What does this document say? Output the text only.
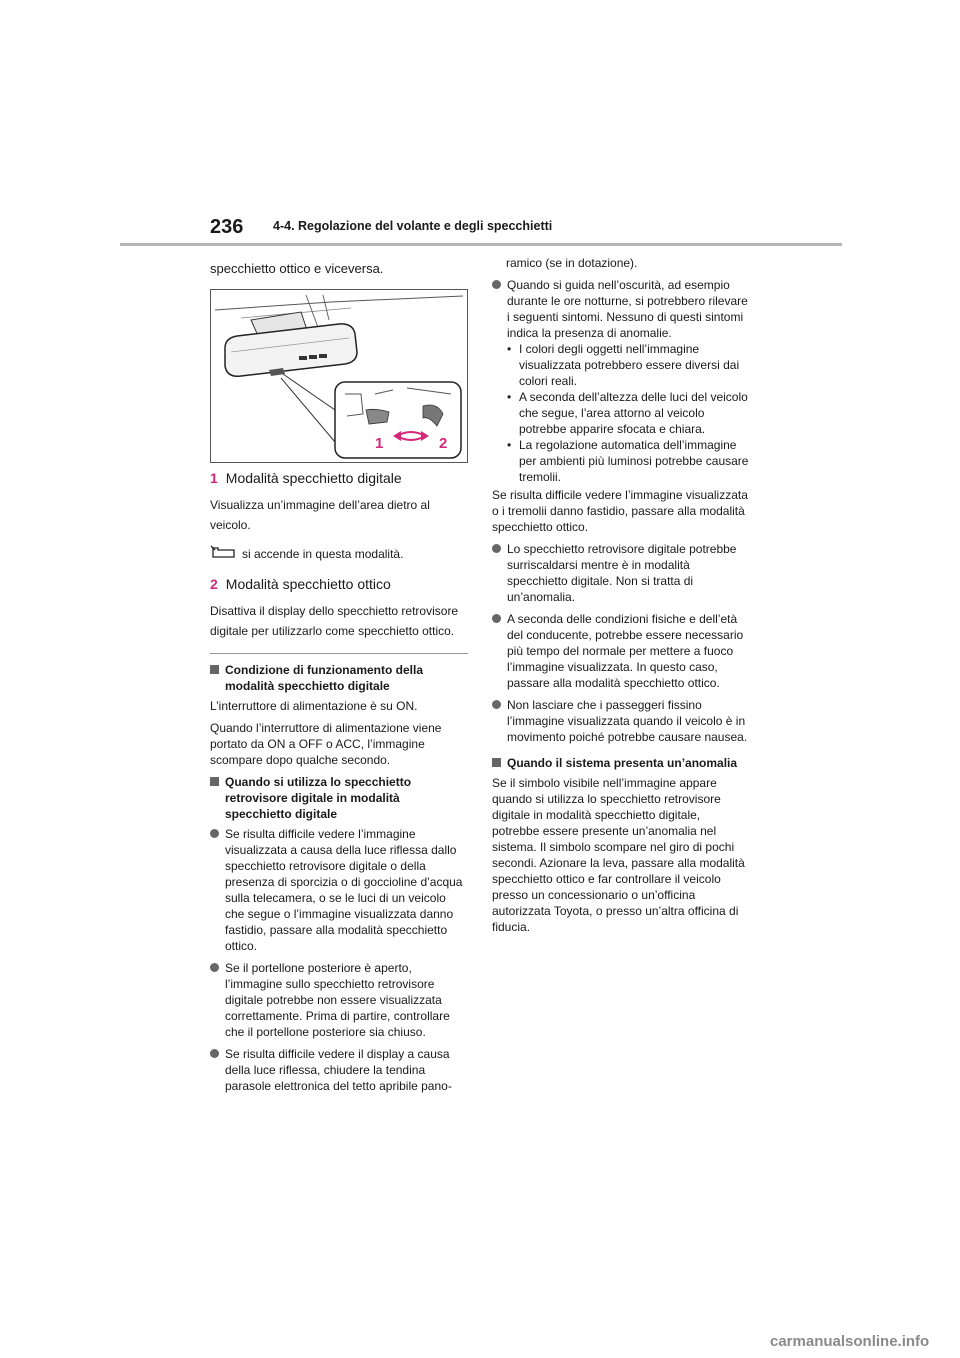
236 4-4. Regolazione del volante e degli specchietti

specchietto ottico e viceversa.

1	2
1 Modalità specchietto digitale

Visualizza un’immagine dell’area dietro al veicolo.

si accende in questa modalità.
2 Modalità specchietto ottico

Disattiva il display dello specchietto retrovisore digitale per utilizzarlo come specchietto ottico.

Condizione di funzionamento della modalità specchietto digitale

L’interruttore di alimentazione è su ON.

Quando l’interruttore di alimentazione viene portato da ON a OFF o ACC, l’immagine scompare dopo qualche secondo.

Quando si utilizza lo specchietto retrovisore digitale in modalità specchietto digitale
Se risulta difficile vedere l’immagine visualizzata a causa della luce riflessa dallo specchietto retrovisore digitale o della presenza di sporcizia o di goccioline d’acqua sulla telecamera, o se le luci di un veicolo che segue o l’immagine visualizzata danno fastidio, passare alla modalità specchietto ottico.
Se il portellone posteriore è aperto, l’immagine sullo specchietto retrovisore digitale potrebbe non essere visualizzata correttamente. Prima di partire, controllare che il portellone posteriore sia chiuso.
Se risulta difficile vedere il display a causa della luce riflessa, chiudere la tendina parasole elettronica del tetto apribile pano-

ramico (se in dotazione).

Quando si guida nell’oscurità, ad esempio durante le ore notturne, si potrebbero rilevare i seguenti sintomi. Nessuno di questi sintomi indica la presenza di anomalie.
• I colori degli oggetti nell’immagine visualizzata potrebbero essere diversi dai colori reali.
• A seconda dell’altezza delle luci del veicolo che segue, l’area attorno al veicolo potrebbe apparire sfocata e chiara.
• La regolazione automatica dell’immagine per ambienti più luminosi potrebbe causare tremolii.

Se risulta difficile vedere l’immagine visualizzata o i tremolii danno fastidio, passare alla modalità specchietto ottico.

Lo specchietto retrovisore digitale potrebbe surriscaldarsi mentre è in modalità specchietto digitale. Non si tratta di un’anomalia.
A seconda delle condizioni fisiche e dell’età del conducente, potrebbe essere necessario più tempo del normale per mettere a fuoco l’immagine visualizzata. In questo caso, passare alla modalità specchietto ottico.
Non lasciare che i passeggeri fissino l’immagine visualizzata quando il veicolo è in movimento poiché potrebbe causare nausea.
Quando il sistema presenta un’anomalia

Se il simbolo visibile nell’immagine appare quando si utilizza lo specchietto retrovisore digitale in modalità specchietto digitale, potrebbe essere presente un’anomalia nel sistema. Il simbolo scompare nel giro di pochi secondi. Azionare la leva, passare alla modalità specchietto ottico e far controllare il veicolo presso un concessionario o un’officina autorizzata Toyota, o presso un’altra officina di fiducia.

carmanualsonline.info
